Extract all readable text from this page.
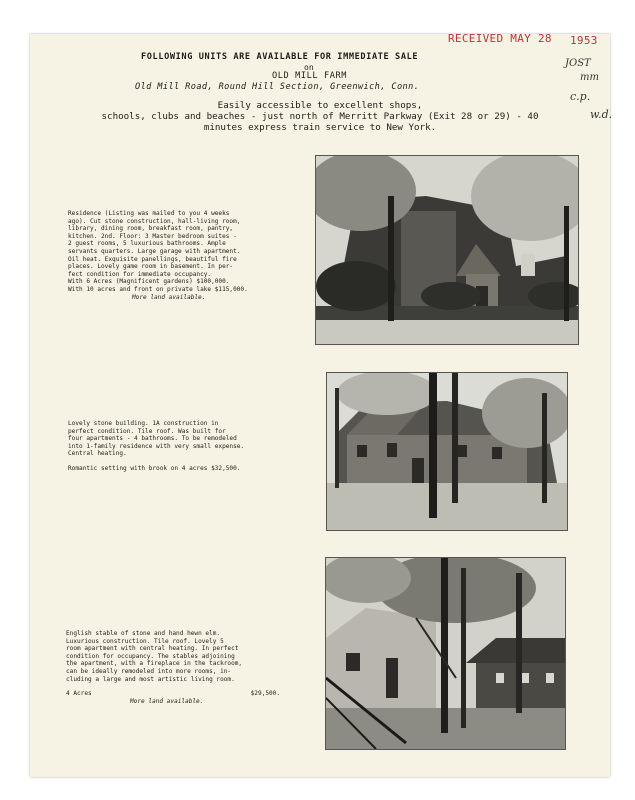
RECEIVED MAY 28 1953
JOST
mm
c.p.
w.d.
FOLLOWING UNITS ARE AVAILABLE FOR IMMEDIATE SALE
on
OLD MILL FARM
Old Mill Road, Round Hill Section, Greenwich, Conn.
Easily accessible to excellent shops,
schools, clubs and beaches - just north of Merritt Parkway (Exit 28 or 29) - 40
minutes express train service to New York.
Residence (Listing was mailed to you 4 weeks
ago). Cut stone construction, hall-living room,
library, dining room, breakfast room, pantry,
kitchen. 2nd. Floor: 3 Master bedroom suites -
2 guest rooms, 5 luxurious bathrooms. Ample
servants quarters. Large garage with apartment.
Oil heat. Exquisite panellings, beautiful fire
places. Lovely game room in basement. In per-
fect condition for immediate occupancy.
With 6 Acres (Magnificent gardens) $100,000.
With 10 acres and front on private lake $115,000.
More land available.
Lovely stone building. 1A construction in
perfect condition. Tile roof. Was built for
four apartments - 4 bathrooms. To be remodeled
into 1-family residence with very small expense.
Central heating.
Romantic setting with brook on 4 acres $32,500.
English stable of stone and hand hewn elm.
Luxurious construction. Tile roof. Lovely 5
room apartment with central heating. In perfect
condition for occupancy. The stables adjoining
the apartment, with a fireplace in the tackroom,
can be ideally remodeled into more rooms, in-
cluding a large and most artistic living room.
4 Acres	$29,500.
More land available.
